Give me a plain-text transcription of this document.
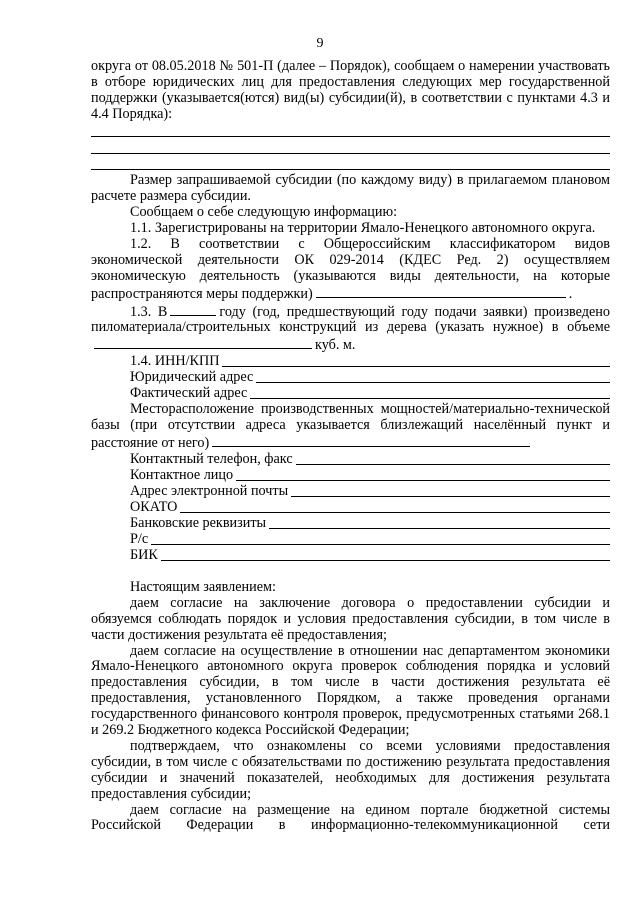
9

округа от 08.05.2018 № 501-П (далее – Порядок), сообщаем о намерении участвовать в отборе юридических лиц для предоставления следующих мер государственной поддержки (указывается(ются) вид(ы) субсидии(й), в соответствии с пунктами 4.3 и 4.4 Порядка):

Размер запрашиваемой субсидии (по каждому виду) в прилагаемом плановом расчете размера субсидии.

Сообщаем о себе следующую информацию:

1.1. Зарегистрированы на территории Ямало-Ненецкого автономного округа.

1.2. В соответствии с Общероссийским классификатором видов экономической деятельности ОК 029-2014 (КДЕС Ред. 2) осуществляем экономическую деятельность (указываются виды деятельности, на которые распространяются меры поддержки)	.

1.3. В	году (год, предшествующий году подачи заявки) произведено пиломатериала/строительных конструкций из дерева (указать нужное) в объемекуб. м.

1.4. ИНН/КПП
Юридический адрес
Фактический адрес

Месторасположение производственных мощностей/материально-технической базы (при отсутствии адреса указывается близлежащий населённый пункт и расстояние от него)

Контактный телефон, факс
Контактное лицо
Адрес электронной почты
ОКАТО
Банковские реквизиты
Р/с
БИК

Настоящим заявлением:

даем согласие на заключение договора о предоставлении субсидии и обязуемся соблюдать порядок и условия предоставления субсидии, в том числе в части достижения результата её предоставления;

даем согласие на осуществление в отношении нас департаментом экономики Ямало-Ненецкого автономного округа проверок соблюдения порядка и условий предоставления субсидии, в том числе в части достижения результата её предоставления, установленного Порядком, а также проведения органами государственного финансового контроля проверок, предусмотренных статьями 268.1 и 269.2 Бюджетного кодекса Российской Федерации;

подтверждаем, что ознакомлены со всеми условиями предоставления субсидии, в том числе с обязательствами по достижению результата предоставления субсидии и значений показателей, необходимых для достижения результата предоставления субсидии;

даем согласие на размещение на едином портале бюджетной системы Российской Федерации в информационно-телекоммуникационной сети
